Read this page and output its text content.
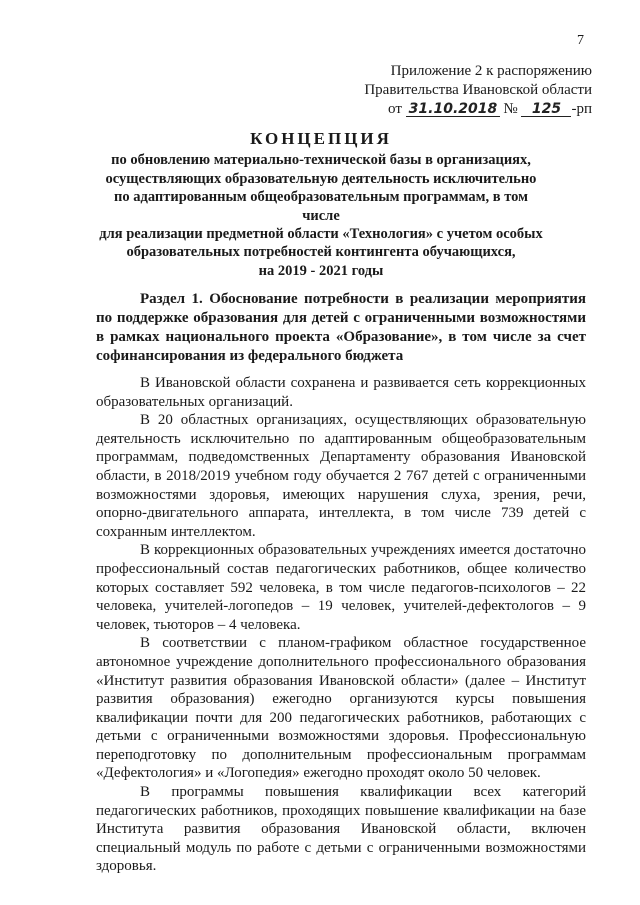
7
Приложение 2 к распоряжению
Правительства Ивановской области
от 31.10.2018 № 125 -рп
КОНЦЕПЦИЯ
по обновлению материально-технической базы в организациях,
осуществляющих образовательную деятельность исключительно
по адаптированным общеобразовательным программам, в том числе
для реализации предметной области «Технология» с учетом особых
образовательных потребностей контингента обучающихся,
на 2019 - 2021 годы
Раздел 1. Обоснование потребности в реализации мероприятия по поддержке образования для детей с ограниченными возможностями в рамках национального проекта «Образование», в том числе за счет софинансирования из федерального бюджета

В Ивановской области сохранена и развивается сеть коррекционных образовательных организаций.

В 20 областных организациях, осуществляющих образовательную деятельность исключительно по адаптированным общеобразовательным программам, подведомственных Департаменту образования Ивановской области, в 2018/2019 учебном году обучается 2 767 детей с ограниченными возможностями здоровья, имеющих нарушения слуха, зрения, речи, опорно-двигательного аппарата, интеллекта, в том числе 739 детей с сохранным интеллектом.

В коррекционных образовательных учреждениях имеется достаточно профессиональный состав педагогических работников, общее количество которых составляет 592 человека, в том числе педагогов-психологов – 22 человека, учителей-логопедов – 19 человек, учителей-дефектологов – 9 человек, тьюторов – 4 человека.

В соответствии с планом-графиком областное государственное автономное учреждение дополнительного профессионального образования «Институт развития образования Ивановской области» (далее – Институт развития образования) ежегодно организуются курсы повышения квалификации почти для 200 педагогических работников, работающих с детьми с ограниченными возможностями здоровья. Профессиональную переподготовку по дополнительным профессиональным программам «Дефектология» и «Логопедия» ежегодно проходят около 50 человек.

В программы повышения квалификации всех категорий педагогических работников, проходящих повышение квалификации на базе Института развития образования Ивановской области, включен специальный модуль по работе с детьми с ограниченными возможностями здоровья.
